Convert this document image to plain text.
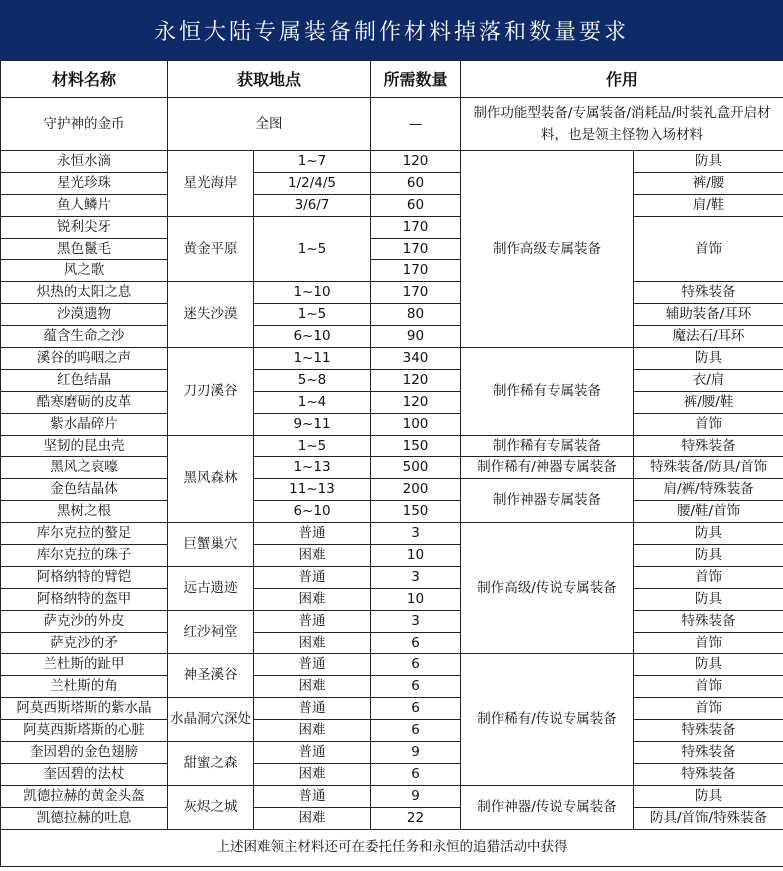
永恒大陆专属装备制作材料掉落和数量要求
材料名称	获取地点		所需数量	作用	
守护神的金币	全图		—	制作功能型装备/专属装备/消耗品/时装礼盒开启材料，也是领主怪物入场材料	
永恒水滴	星光海岸	1~7	120	制作高级专属装备	防具
星光珍珠		1/2/4/5	60		裤/腰
鱼人鳞片		3/6/7	60		肩/鞋
锐利尖牙	黄金平原	1~5	170		首饰
黑色鬣毛			170		
风之歌			170		
炽热的太阳之息	迷失沙漠	1~10	170		特殊装备
沙漠遗物		1~5	80		辅助装备/耳环
蕴含生命之沙		6~10	90		魔法石/耳环
溪谷的呜咽之声	刀刃溪谷	1~11	340	制作稀有专属装备	防具
红色结晶		5~8	120		衣/肩
酷寒磨砺的皮革		1~4	120		裤/腰/鞋
紫水晶碎片		9~11	100		首饰
坚韧的昆虫壳	黑风森林	1~5	150	制作稀有专属装备	特殊装备
黑风之哀嚎		1~13	500	制作稀有/神器专属装备	特殊装备/防具/首饰
金色结晶体		11~13	200	制作神器专属装备	肩/裤/特殊装备
黑树之根		6~10	150		腰/鞋/首饰
库尔克拉的螯足	巨蟹巢穴	普通	3	制作高级/传说专属装备	防具
库尔克拉的珠子		困难	10		防具
阿格纳特的臂铠	远古遗迹	普通	3		首饰
阿格纳特的盔甲		困难	10		防具
萨克沙的外皮	红沙祠堂	普通	3		特殊装备
萨克沙的矛		困难	6		首饰
兰杜斯的趾甲	神圣溪谷	普通	6	制作稀有/传说专属装备	防具
兰杜斯的角		困难	6		首饰
阿莫西斯塔斯的紫水晶	水晶洞穴深处	普通	6		首饰
阿莫西斯塔斯的心脏		困难	6		特殊装备
奎因碧的金色翅膀	甜蜜之森	普通	9		特殊装备
奎因碧的法杖		困难	6		特殊装备
凯德拉赫的黄金头盔	灰烬之城	普通	9	制作神器/传说专属装备	防具
凯德拉赫的吐息		困难	22		防具/首饰/特殊装备
上述困难领主材料还可在委托任务和永恒的追猎活动中获得					
